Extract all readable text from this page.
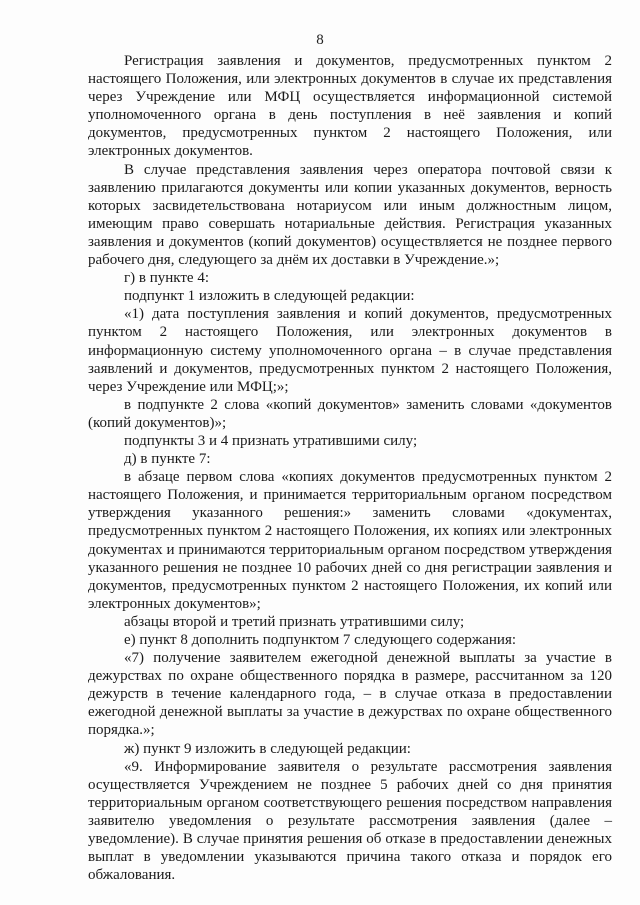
8

Регистрация заявления и документов, предусмотренных пунктом 2 настоящего Положения, или электронных документов в случае их представления через Учреждение или МФЦ осуществляется информационной системой уполномоченного органа в день поступления в неё заявления и копий документов, предусмотренных пунктом 2 настоящего Положения, или электронных документов.

В случае представления заявления через оператора почтовой связи к заявлению прилагаются документы или копии указанных документов, верность которых засвидетельствована нотариусом или иным должностным лицом, имеющим право совершать нотариальные действия. Регистрация указанных заявления и документов (копий документов) осуществляется не позднее первого рабочего дня, следующего за днём их доставки в Учреждение.»;

г) в пункте 4:

подпункт 1 изложить в следующей редакции:

«1) дата поступления заявления и копий документов, предусмотренных пунктом 2 настоящего Положения, или электронных документов в информационную систему уполномоченного органа – в случае представления заявлений и документов, предусмотренных пунктом 2 настоящего Положения, через Учреждение или МФЦ;»;

в подпункте 2 слова «копий документов» заменить словами «документов (копий документов)»;

подпункты 3 и 4 признать утратившими силу;

д) в пункте 7:

в абзаце первом слова «копиях документов предусмотренных пунктом 2 настоящего Положения, и принимается территориальным органом посредством утверждения указанного решения:» заменить словами «документах, предусмотренных пунктом 2 настоящего Положения, их копиях или электронных документах и принимаются территориальным органом посредством утверждения указанного решения не позднее 10 рабочих дней со дня регистрации заявления и документов, предусмотренных пунктом 2 настоящего Положения, их копий или электронных документов»;

абзацы второй и третий признать утратившими силу;

е) пункт 8 дополнить подпунктом 7 следующего содержания:

«7) получение заявителем ежегодной денежной выплаты за участие в дежурствах по охране общественного порядка в размере, рассчитанном за 120 дежурств в течение календарного года, – в случае отказа в предоставлении ежегодной денежной выплаты за участие в дежурствах по охране общественного порядка.»;

ж) пункт 9 изложить в следующей редакции:

«9. Информирование заявителя о результате рассмотрения заявления осуществляется Учреждением не позднее 5 рабочих дней со дня принятия территориальным органом соответствующего решения посредством направления заявителю уведомления о результате рассмотрения заявления (далее – уведомление). В случае принятия решения об отказе в предоставлении денежных выплат в уведомлении указываются причина такого отказа и порядок его обжалования.
